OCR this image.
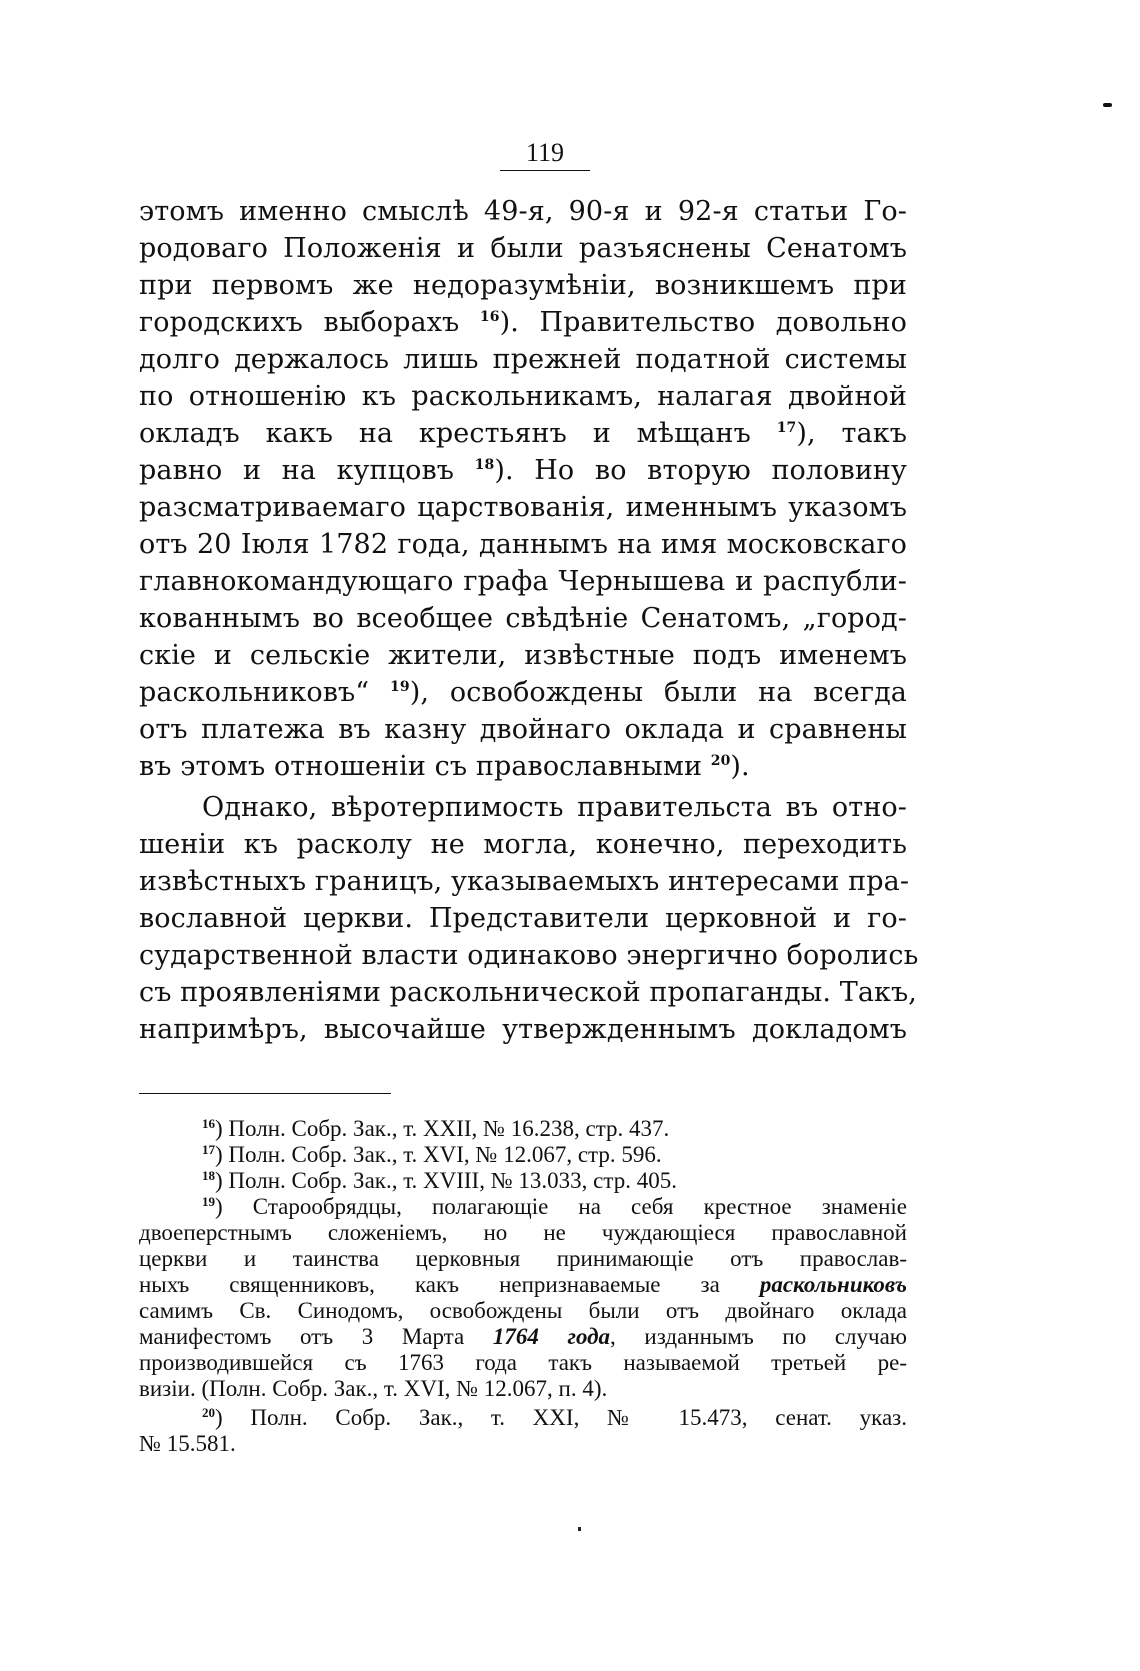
119
этомъ именно смыслѣ 49-я, 90-я и 92-я статьи Го-
родоваго Положенія и были разъяснены Сенатомъ
при первомъ же недоразумѣніи, возникшемъ при
городскихъ выборахъ $^{16}$). Правительство довольно
долго держалось лишь прежней податной системы
по отношенію къ раскольникамъ, налагая двойной
окладъ какъ на крестьянъ и мѣщанъ $^{17}$), такъ
равно и на купцовъ $^{18}$). Но во вторую половину
разсматриваемаго царствованія, именнымъ указомъ
отъ 20 Іюля 1782 года, даннымъ на имя московскаго
главнокомандующаго графа Чернышева и распубли-
кованнымъ во всеобщее свѣдѣніе Сенатомъ, „город-
скіе и сельскіе жители, извѣстные подъ именемъ
раскольниковъ“ $^{19}$), освобождены были на всегда
отъ платежа въ казну двойнаго оклада и сравнены
въ этомъ отношеніи съ православными $^{20}$).
Однако, вѣротерпимость правительста въ отно-
шеніи къ расколу не могла, конечно, переходить
извѣстныхъ границъ, указываемыхъ интересами пра-
вославной церкви. Представители церковной и го-
сударственной власти одинаково энергично боролись
съ проявленіями раскольнической пропаганды. Такъ,
напримѣръ, высочайше утвержденнымъ докладомъ
$^{16}$) Полн. Собр. Зак., т. XXII, № 16.238, стр. 437.
$^{17}$) Полн. Собр. Зак., т. XVI, № 12.067, стр. 596.
$^{18}$) Полн. Собр. Зак., т. XVIII, № 13.033, стр. 405.
$^{19}$) Старообрядцы, полагающіе на себя крестное знаменіе
двоеперстнымъ сложеніемъ, но не чуждающіеся православной
церкви и таинства церковныя принимающіе отъ православ-
ныхъ священниковъ, какъ непризнаваемые за раскольниковъ
самимъ Св. Синодомъ, освобождены были отъ двойнаго оклада
манифестомъ отъ 3 Марта 1764 года, изданнымъ по случаю
производившейся съ 1763 года такъ называемой третьей ре-
визіи. (Полн. Собр. Зак., т. XVI, № 12.067, п. 4).
$^{20}$) Полн. Собр. Зак., т. XXI, № 15.473, сенат. указ.
№ 15.581.
